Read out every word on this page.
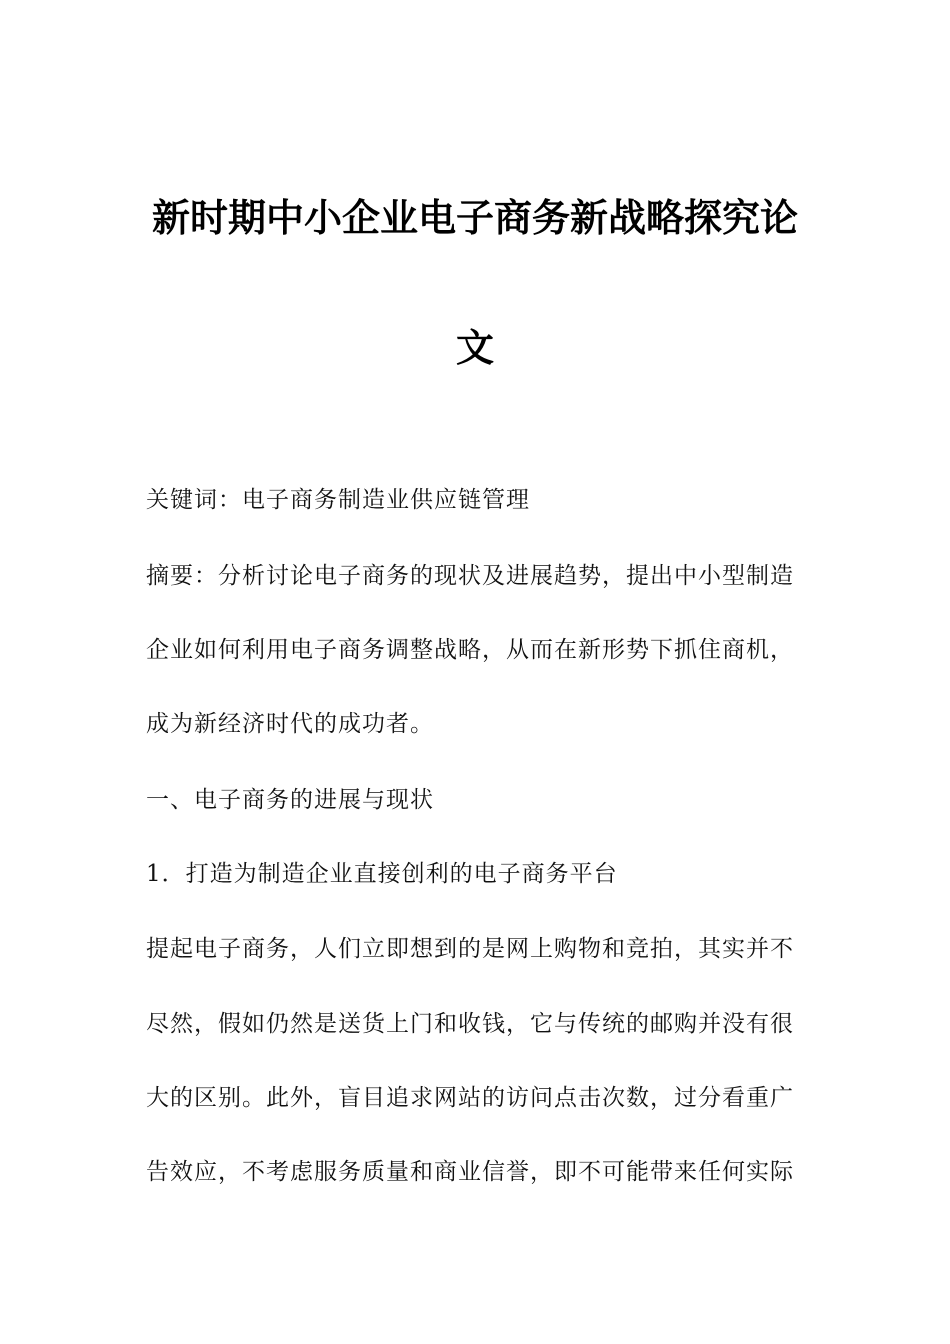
新时期中小企业电子商务新战略探究论
文
关键词：电子商务制造业供应链管理
摘要：分析讨论电子商务的现状及进展趋势，提出中小型制造
企业如何利用电子商务调整战略，从而在新形势下抓住商机，
成为新经济时代的成功者。
一、电子商务的进展与现状
1．打造为制造企业直接创利的电子商务平台
提起电子商务，人们立即想到的是网上购物和竞拍，其实并不
尽然，假如仍然是送货上门和收钱，它与传统的邮购并没有很
大的区别。此外，盲目追求网站的访问点击次数，过分看重广
告效应，不考虑服务质量和商业信誉，即不可能带来任何实际
